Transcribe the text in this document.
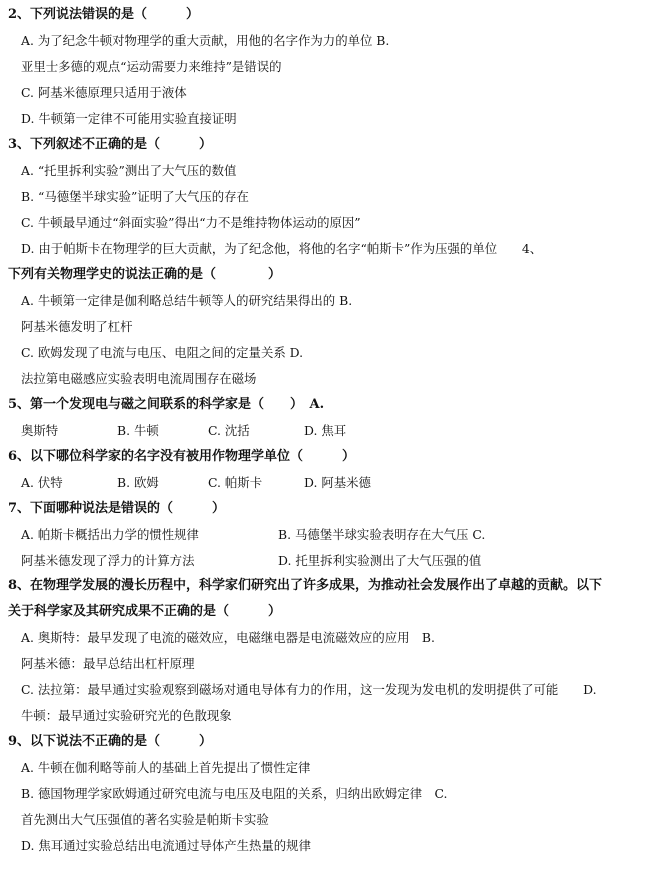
2、下列说法错误的是（　　　）
A. 为了纪念牛顿对物理学的重大贡献，用他的名字作为力的单位 B.
亚里士多德的观点“运动需要力来维持”是错误的
C. 阿基米德原理只适用于液体
D. 牛顿第一定律不可能用实验直接证明
3、下列叙述不正确的是（　　　）
A. “托里拆利实验”测出了大气压的数值
B. “马德堡半球实验”证明了大气压的存在
C. 牛顿最早通过“斜面实验”得出“力不是维持物体运动的原因”
D. 由于帕斯卡在物理学的巨大贡献，为了纪念他，将他的名字“帕斯卡”作为压强的单位　　4、
下列有关物理学史的说法正确的是（　　　　）
A. 牛顿第一定律是伽利略总结牛顿等人的研究结果得出的 B.
阿基米德发明了杠杆
C. 欧姆发现了电流与电压、电阻之间的定量关系 D.
法拉第电磁感应实验表明电流周围存在磁场
5、第一个发现电与磁之间联系的科学家是（　　）　A.
6、以下哪位科学家的名字没有被用作物理学单位（　　　）
7、下面哪种说法是错误的（　　　）
8、在物理学发展的漫长历程中，科学家们研究出了许多成果，为推动社会发展作出了卓越的贡献。以下
关于科学家及其研究成果不正确的是（　　　）
A. 奥斯特：最早发现了电流的磁效应，电磁继电器是电流磁效应的应用　B.
阿基米德：最早总结出杠杆原理
C. 法拉第：最早通过实验观察到磁场对通电导体有力的作用，这一发现为发电机的发明提供了可能　　D.
牛顿：最早通过实验研究光的色散现象
9、以下说法不正确的是（　　　）
A. 牛顿在伽利略等前人的基础上首先提出了惯性定律
B. 德国物理学家欧姆通过研究电流与电压及电阻的关系，归纳出欧姆定律　C.
首先测出大气压强值的著名实验是帕斯卡实验
D. 焦耳通过实验总结出电流通过导体产生热量的规律
奥斯特	B. 牛顿	C. 沈括	D. 焦耳
A. 伏特	B. 欧姆	C. 帕斯卡	D. 阿基米德
A. 帕斯卡概括出力学的惯性规律	B. 马德堡半球实验表明存在大气压 C.
阿基米德发现了浮力的计算方法	D. 托里拆利实验测出了大气压强的值
